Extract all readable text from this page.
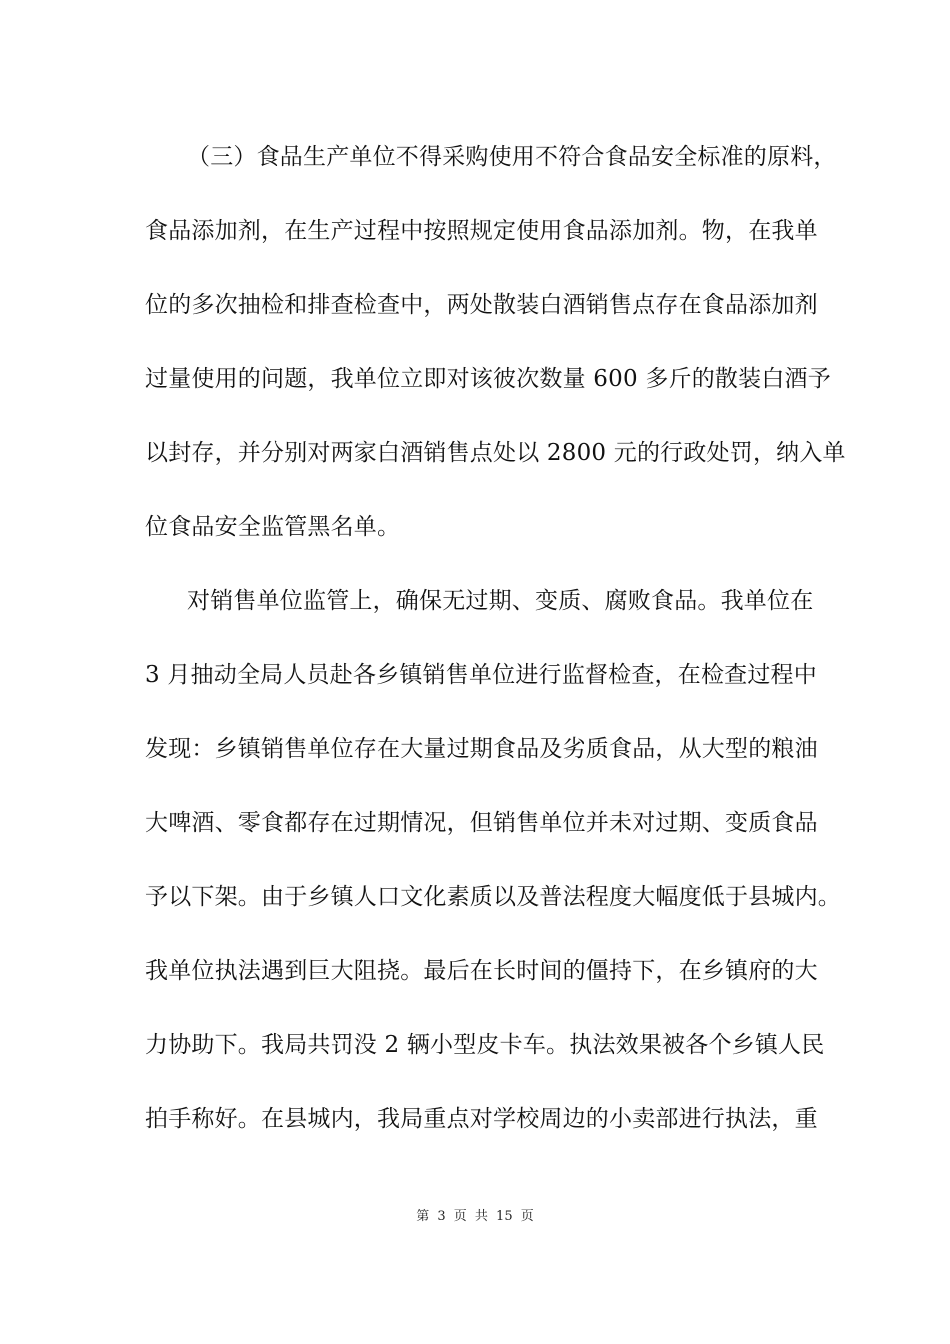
（三）食品生产单位不得采购使用不符合食品安全标准的原料，
食品添加剂，在生产过程中按照规定使用食品添加剂。物，在我单
位的多次抽检和排查检查中，两处散装白酒销售点存在食品添加剂
过量使用的问题，我单位立即对该彼次数量 600 多斤的散装白酒予
以封存，并分别对两家白酒销售点处以 2800 元的行政处罚，纳入单
位食品安全监管黑名单。
对销售单位监管上，确保无过期、变质、腐败食品。我单位在
3 月抽动全局人员赴各乡镇销售单位进行监督检查，在检查过程中
发现：乡镇销售单位存在大量过期食品及劣质食品，从大型的粮油
大啤酒、零食都存在过期情况，但销售单位并未对过期、变质食品
予以下架。由于乡镇人口文化素质以及普法程度大幅度低于县城内。
我单位执法遇到巨大阻挠。最后在长时间的僵持下，在乡镇府的大
力协助下。我局共罚没 2 辆小型皮卡车。执法效果被各个乡镇人民
拍手称好。在县城内，我局重点对学校周边的小卖部进行执法，重
第 3 页 共 15 页
